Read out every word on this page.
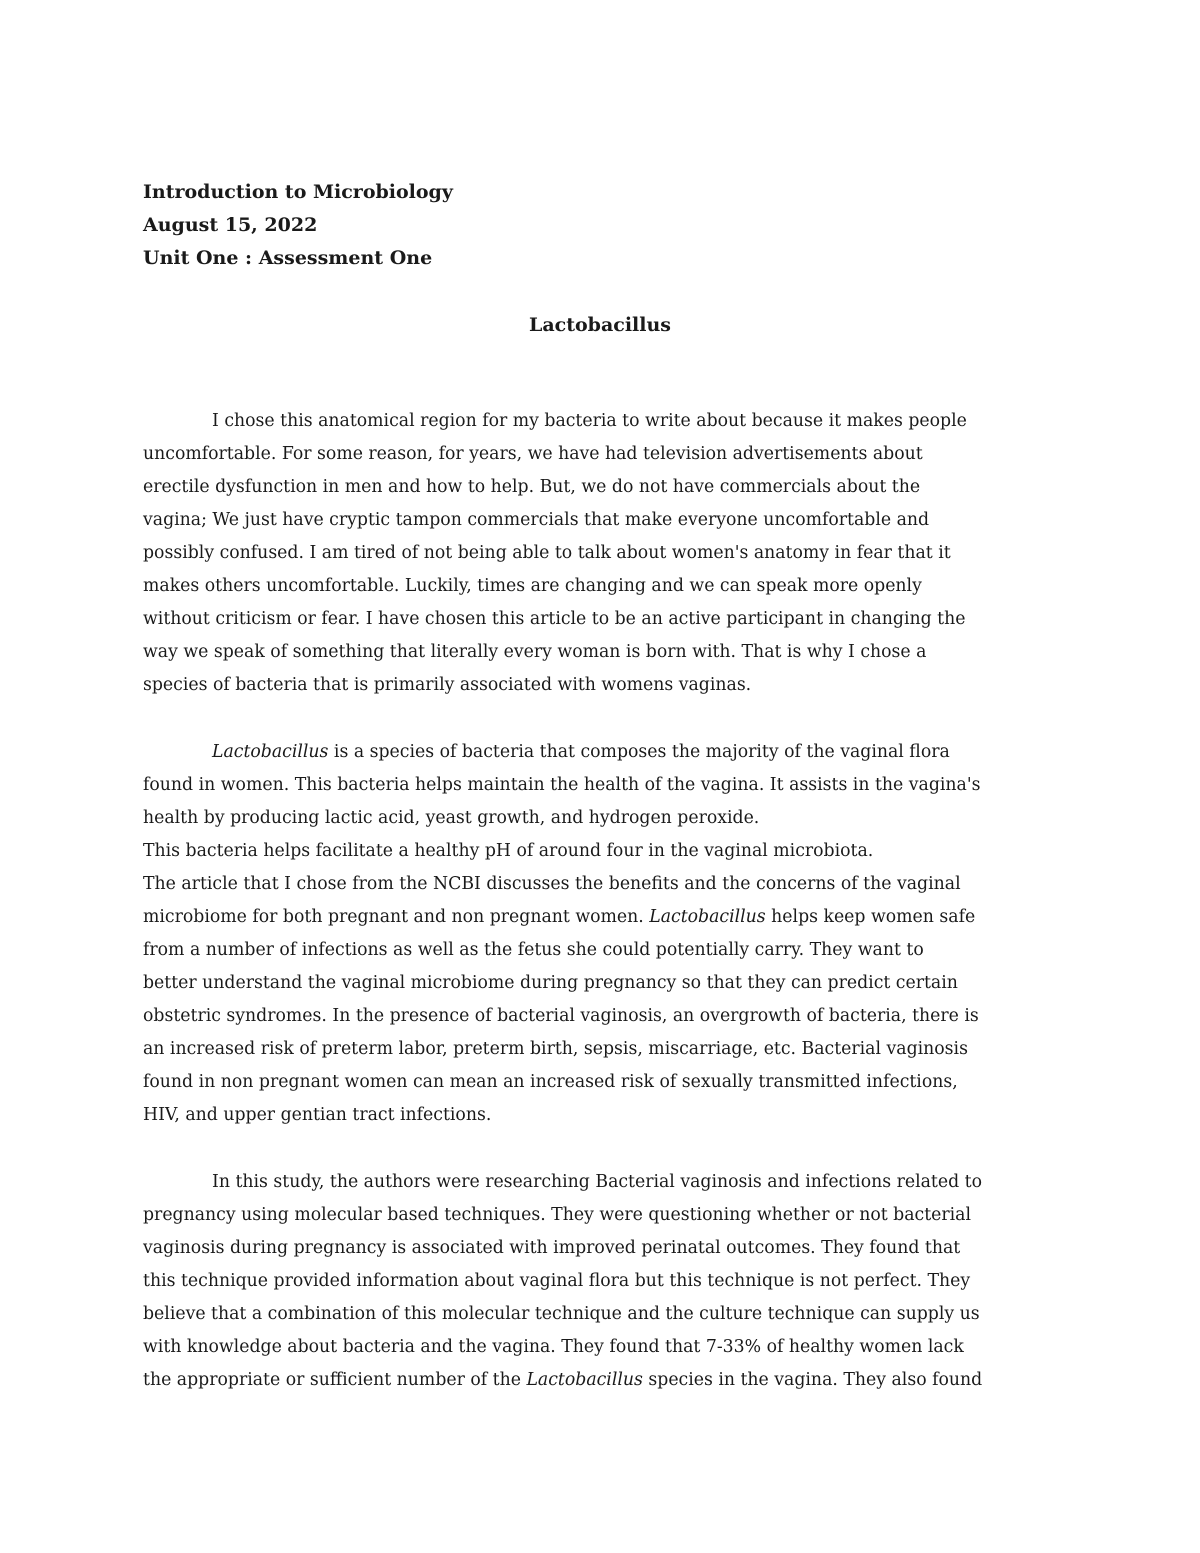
Introduction to Microbiology
August 15, 2022
Unit One : Assessment One
Lactobacillus
I chose this anatomical region for my bacteria to write about because it makes people
uncomfortable. For some reason, for years, we have had television advertisements about
erectile dysfunction in men and how to help. But, we do not have commercials about the
vagina; We just have cryptic tampon commercials that make everyone uncomfortable and
possibly confused. I am tired of not being able to talk about women's anatomy in fear that it
makes others uncomfortable. Luckily, times are changing and we can speak more openly
without criticism or fear. I have chosen this article to be an active participant in changing the
way we speak of something that literally every woman is born with. That is why I chose a
species of bacteria that is primarily associated with womens vaginas.
Lactobacillus is a species of bacteria that composes the majority of the vaginal flora
found in women. This bacteria helps maintain the health of the vagina. It assists in the vagina's
health by producing lactic acid, yeast growth, and hydrogen peroxide.
This bacteria helps facilitate a healthy pH of around four in the vaginal microbiota.
The article that I chose from the NCBI discusses the benefits and the concerns of the vaginal
microbiome for both pregnant and non pregnant women. Lactobacillus helps keep women safe
from a number of infections as well as the fetus she could potentially carry. They want to
better understand the vaginal microbiome during pregnancy so that they can predict certain
obstetric syndromes. In the presence of bacterial vaginosis, an overgrowth of bacteria, there is
an increased risk of preterm labor, preterm birth, sepsis, miscarriage, etc. Bacterial vaginosis
found in non pregnant women can mean an increased risk of sexually transmitted infections,
HIV, and upper gentian tract infections.
In this study, the authors were researching Bacterial vaginosis and infections related to
pregnancy using molecular based techniques. They were questioning whether or not bacterial
vaginosis during pregnancy is associated with improved perinatal outcomes. They found that
this technique provided information about vaginal flora but this technique is not perfect. They
believe that a combination of this molecular technique and the culture technique can supply us
with knowledge about bacteria and the vagina. They found that 7-33% of healthy women lack
the appropriate or sufficient number of the Lactobacillus species in the vagina. They also found
